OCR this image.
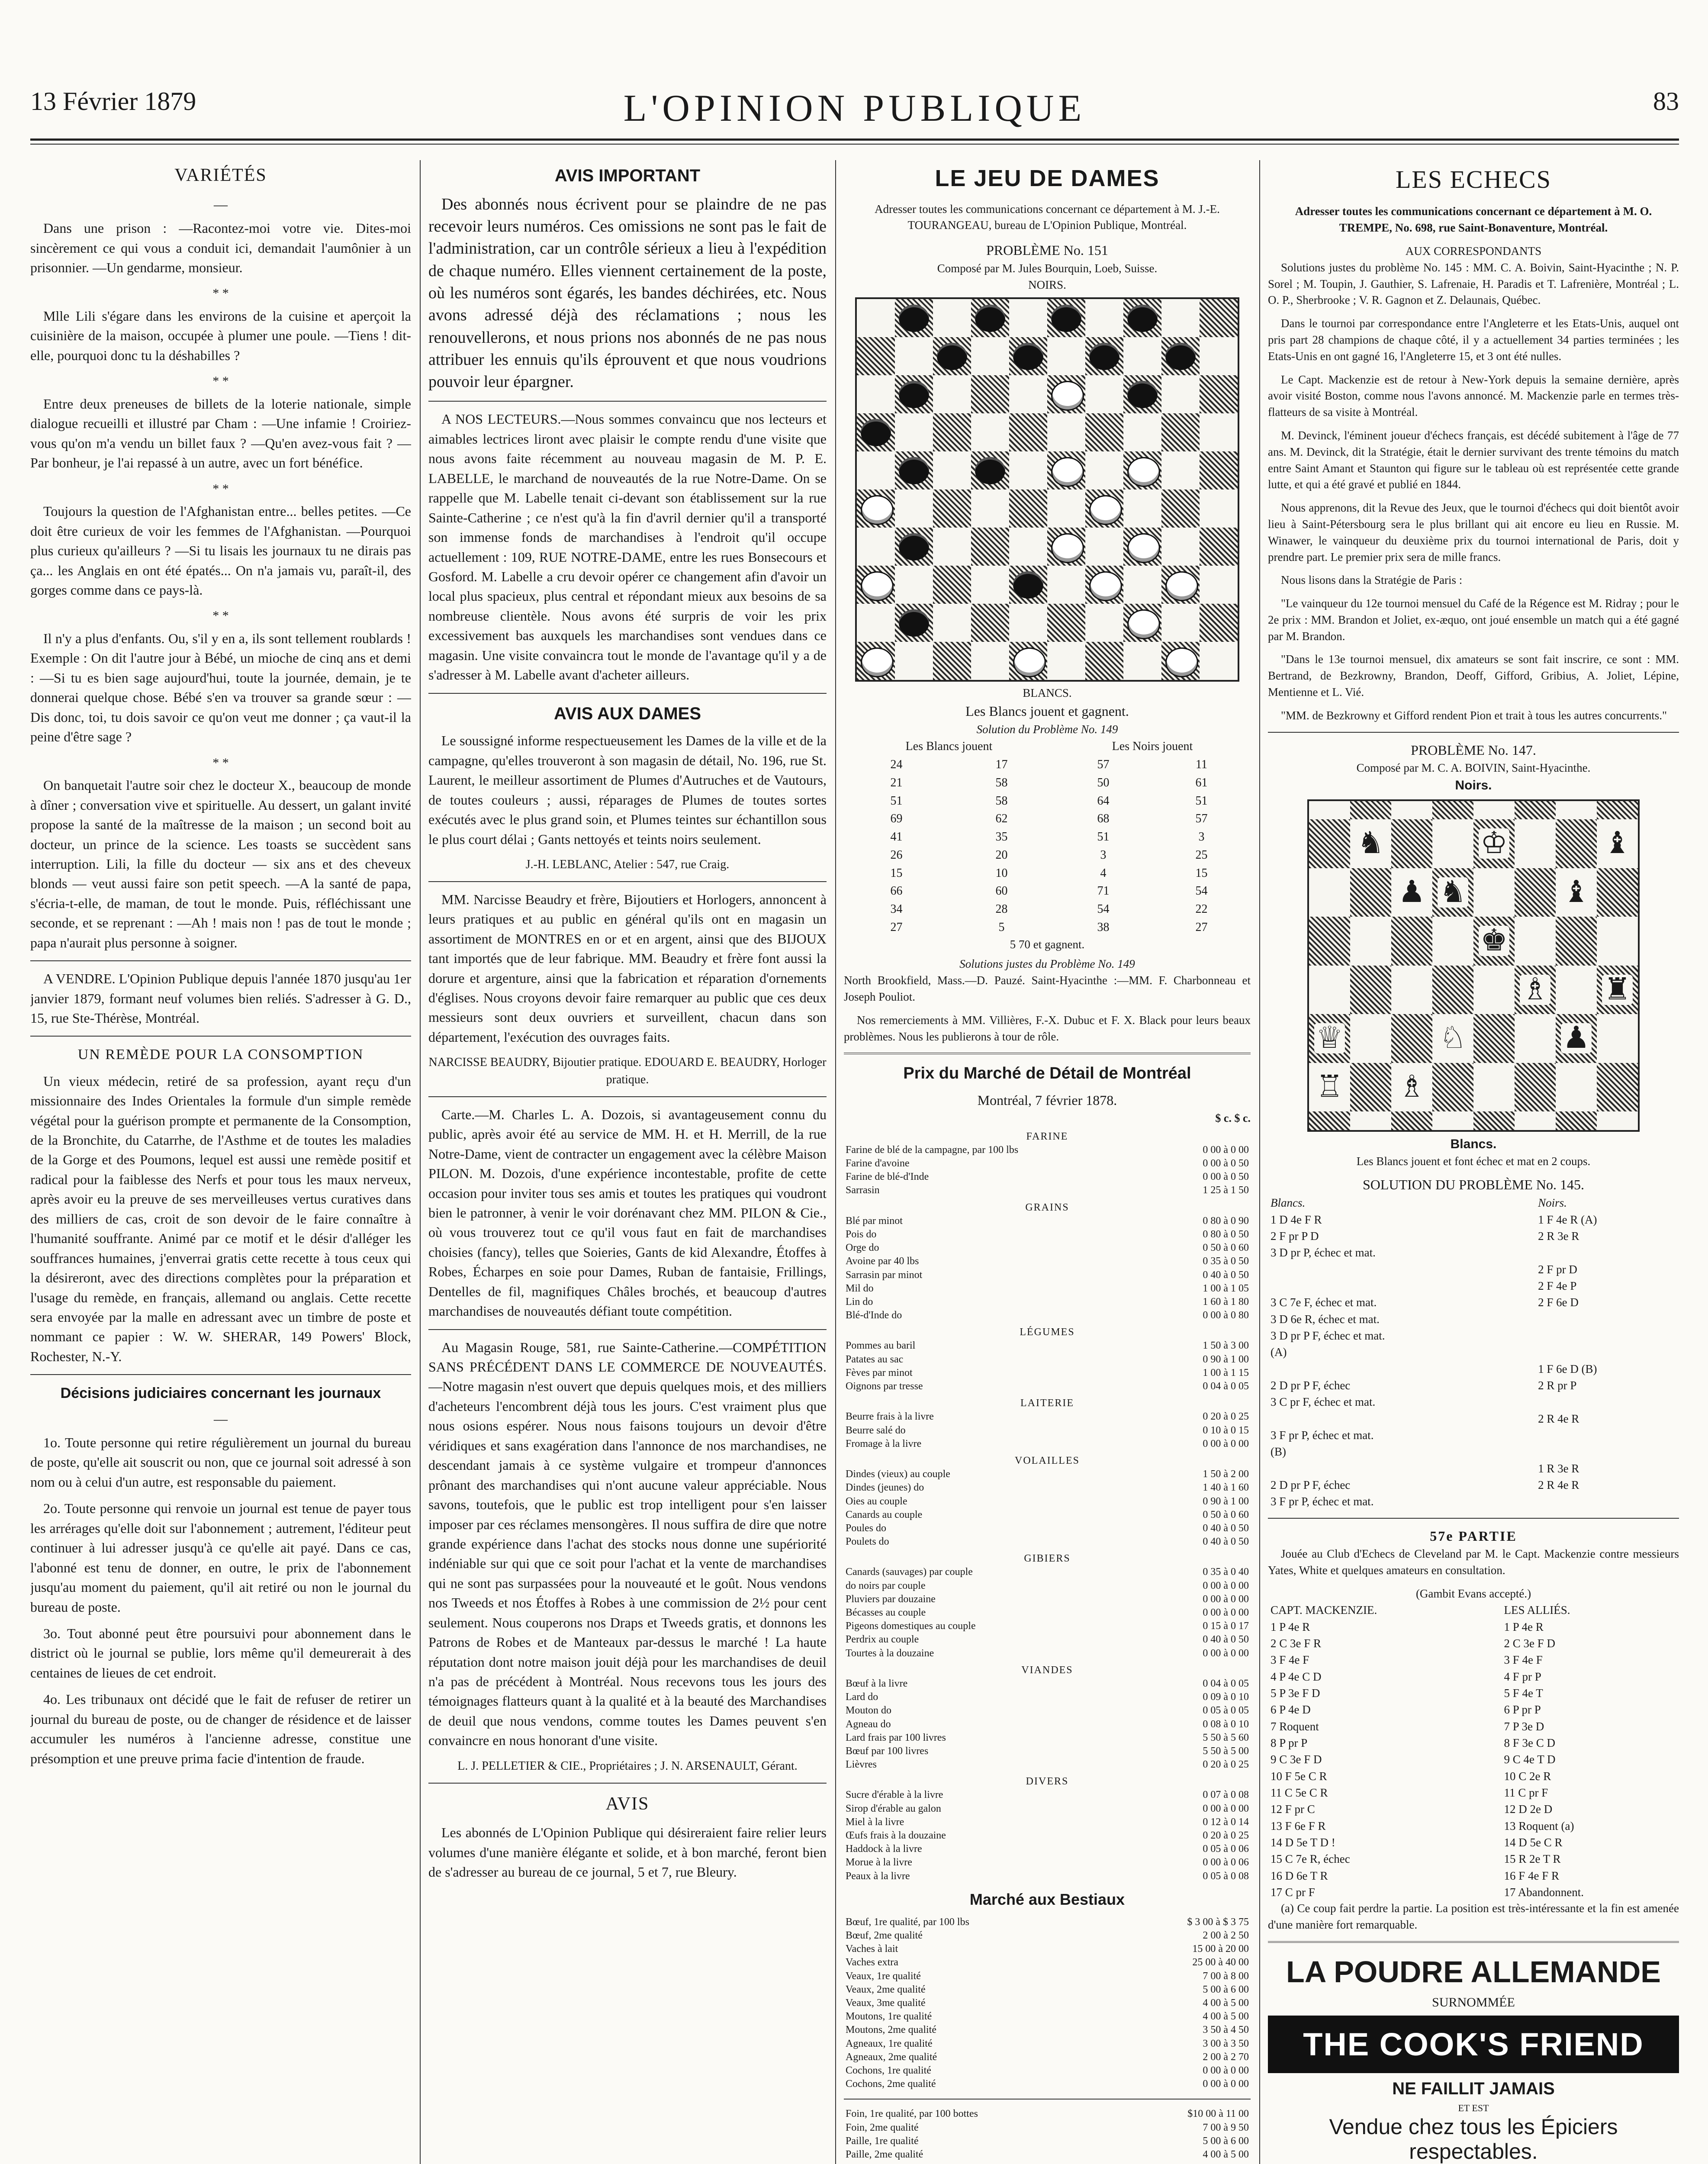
13 Février 1879	L'OPINION PUBLIQUE	83
VARIÉTÉS
—

Dans une prison : —Racontez-moi votre vie. Dites-moi sincèrement ce qui vous a conduit ici, demandait l'aumônier à un prisonnier. —Un gendarme, monsieur.

* *

Mlle Lili s'égare dans les environs de la cuisine et aperçoit la cuisinière de la maison, occupée à plumer une poule. —Tiens ! dit-elle, pourquoi donc tu la déshabilles ?

* *

Entre deux preneuses de billets de la loterie nationale, simple dialogue recueilli et illustré par Cham : —Une infamie ! Croiriez-vous qu'on m'a vendu un billet faux ? —Qu'en avez-vous fait ? —Par bonheur, je l'ai repassé à un autre, avec un fort bénéfice.

* *

Toujours la question de l'Afghanistan entre... belles petites. —Ce doit être curieux de voir les femmes de l'Afghanistan. —Pourquoi plus curieux qu'ailleurs ? —Si tu lisais les journaux tu ne dirais pas ça... les Anglais en ont été épatés... On n'a jamais vu, paraît-il, des gorges comme dans ce pays-là.

* *

Il n'y a plus d'enfants. Ou, s'il y en a, ils sont tellement roublards ! Exemple : On dit l'autre jour à Bébé, un mioche de cinq ans et demi : —Si tu es bien sage aujourd'hui, toute la journée, demain, je te donnerai quelque chose. Bébé s'en va trouver sa grande sœur : —Dis donc, toi, tu dois savoir ce qu'on veut me donner ; ça vaut-il la peine d'être sage ?

* *

On banquetait l'autre soir chez le docteur X., beaucoup de monde à dîner ; conversation vive et spirituelle. Au dessert, un galant invité propose la santé de la maîtresse de la maison ; un second boit au docteur, un prince de la science. Les toasts se succèdent sans interruption. Lili, la fille du docteur — six ans et des cheveux blonds — veut aussi faire son petit speech. —A la santé de papa, s'écria-t-elle, de maman, de tout le monde. Puis, réfléchissant une seconde, et se reprenant : —Ah ! mais non ! pas de tout le monde ; papa n'aurait plus personne à soigner.

A VENDRE. L'Opinion Publique depuis l'année 1870 jusqu'au 1er janvier 1879, formant neuf volumes bien reliés. S'adresser à G. D., 15, rue Ste-Thérèse, Montréal.

UN REMÈDE POUR LA CONSOMPTION

Un vieux médecin, retiré de sa profession, ayant reçu d'un missionnaire des Indes Orientales la formule d'un simple remède végétal pour la guérison prompte et permanente de la Consomption, de la Bronchite, du Catarrhe, de l'Asthme et de toutes les maladies de la Gorge et des Poumons, lequel est aussi une remède positif et radical pour la faiblesse des Nerfs et pour tous les maux nerveux, après avoir eu la preuve de ses merveilleuses vertus curatives dans des milliers de cas, croit de son devoir de le faire connaître à l'humanité souffrante. Animé par ce motif et le désir d'alléger les souffrances humaines, j'enverrai gratis cette recette à tous ceux qui la désireront, avec des directions complètes pour la préparation et l'usage du remède, en français, allemand ou anglais. Cette recette sera envoyée par la malle en adressant avec un timbre de poste et nommant ce papier : W. W. SHERAR, 149 Powers' Block, Rochester, N.-Y.

Décisions judiciaires concernant les journaux
—

1o. Toute personne qui retire régulièrement un journal du bureau de poste, qu'elle ait souscrit ou non, que ce journal soit adressé à son nom ou à celui d'un autre, est responsable du paiement.

2o. Toute personne qui renvoie un journal est tenue de payer tous les arrérages qu'elle doit sur l'abonnement ; autrement, l'éditeur peut continuer à lui adresser jusqu'à ce qu'elle ait payé. Dans ce cas, l'abonné est tenu de donner, en outre, le prix de l'abonnement jusqu'au moment du paiement, qu'il ait retiré ou non le journal du bureau de poste.

3o. Tout abonné peut être poursuivi pour abonnement dans le district où le journal se publie, lors même qu'il demeurerait à des centaines de lieues de cet endroit.

4o. Les tribunaux ont décidé que le fait de refuser de retirer un journal du bureau de poste, ou de changer de résidence et de laisser accumuler les numéros à l'ancienne adresse, constitue une présomption et une preuve prima facie d'intention de fraude.

AVIS IMPORTANT

Des abonnés nous écrivent pour se plaindre de ne pas recevoir leurs numéros. Ces omissions ne sont pas le fait de l'administration, car un contrôle sérieux a lieu à l'expédition de chaque numéro. Elles viennent certainement de la poste, où les numéros sont égarés, les bandes déchirées, etc. Nous avons adressé déjà des réclamations ; nous les renouvellerons, et nous prions nos abonnés de ne pas nous attribuer les ennuis qu'ils éprouvent et que nous voudrions pouvoir leur épargner.

A NOS LECTEURS.—Nous sommes convaincu que nos lecteurs et aimables lectrices liront avec plaisir le compte rendu d'une visite que nous avons faite récemment au nouveau magasin de M. P. E. LABELLE, le marchand de nouveautés de la rue Notre-Dame. On se rappelle que M. Labelle tenait ci-devant son établissement sur la rue Sainte-Catherine ; ce n'est qu'à la fin d'avril dernier qu'il a transporté son immense fonds de marchandises à l'endroit qu'il occupe actuellement : 109, RUE NOTRE-DAME, entre les rues Bonsecours et Gosford. M. Labelle a cru devoir opérer ce changement afin d'avoir un local plus spacieux, plus central et répondant mieux aux besoins de sa nombreuse clientèle. Nous avons été surpris de voir les prix excessivement bas auxquels les marchandises sont vendues dans ce magasin. Une visite convaincra tout le monde de l'avantage qu'il y a de s'adresser à M. Labelle avant d'acheter ailleurs.

AVIS AUX DAMES

Le soussigné informe respectueusement les Dames de la ville et de la campagne, qu'elles trouveront à son magasin de détail, No. 196, rue St. Laurent, le meilleur assortiment de Plumes d'Autruches et de Vautours, de toutes couleurs ; aussi, réparages de Plumes de toutes sortes exécutés avec le plus grand soin, et Plumes teintes sur échantillon sous le plus court délai ; Gants nettoyés et teints noirs seulement.

J.-H. LEBLANC, Atelier : 547, rue Craig.

MM. Narcisse Beaudry et frère, Bijoutiers et Horlogers, annoncent à leurs pratiques et au public en général qu'ils ont en magasin un assortiment de MONTRES en or et en argent, ainsi que des BIJOUX tant importés que de leur fabrique. MM. Beaudry et frère font aussi la dorure et argenture, ainsi que la fabrication et réparation d'ornements d'églises. Nous croyons devoir faire remarquer au public que ces deux messieurs sont deux ouvriers et surveillent, chacun dans son département, l'exécution des ouvrages faits.

NARCISSE BEAUDRY, Bijoutier pratique. EDOUARD E. BEAUDRY, Horloger pratique.

Carte.—M. Charles L. A. Dozois, si avantageusement connu du public, après avoir été au service de MM. H. et H. Merrill, de la rue Notre-Dame, vient de contracter un engagement avec la célèbre Maison PILON. M. Dozois, d'une expérience incontestable, profite de cette occasion pour inviter tous ses amis et toutes les pratiques qui voudront bien le patronner, à venir le voir dorénavant chez MM. PILON & Cie., où vous trouverez tout ce qu'il vous faut en fait de marchandises choisies (fancy), telles que Soieries, Gants de kid Alexandre, Étoffes à Robes, Écharpes en soie pour Dames, Ruban de fantaisie, Frillings, Dentelles de fil, magnifiques Châles brochés, et beaucoup d'autres marchandises de nouveautés défiant toute compétition.

Au Magasin Rouge, 581, rue Sainte-Catherine.—COMPÉTITION SANS PRÉCÉDENT DANS LE COMMERCE DE NOUVEAUTÉS.—Notre magasin n'est ouvert que depuis quelques mois, et des milliers d'acheteurs l'encombrent déjà tous les jours. C'est vraiment plus que nous osions espérer. Nous nous faisons toujours un devoir d'être véridiques et sans exagération dans l'annonce de nos marchandises, ne descendant jamais à ce système vulgaire et trompeur d'annonces prônant des marchandises qui n'ont aucune valeur appréciable. Nous savons, toutefois, que le public est trop intelligent pour s'en laisser imposer par ces réclames mensongères. Il nous suffira de dire que notre grande expérience dans l'achat des stocks nous donne une supériorité indéniable sur qui que ce soit pour l'achat et la vente de marchandises qui ne sont pas surpassées pour la nouveauté et le goût. Nous vendons nos Tweeds et nos Étoffes à Robes à une commission de 2½ pour cent seulement. Nous couperons nos Draps et Tweeds gratis, et donnons les Patrons de Robes et de Manteaux par-dessus le marché ! La haute réputation dont notre maison jouit déjà pour les marchandises de deuil n'a pas de précédent à Montréal. Nous recevons tous les jours des témoignages flatteurs quant à la qualité et à la beauté des Marchandises de deuil que nous vendons, comme toutes les Dames peuvent s'en convaincre en nous honorant d'une visite.

L. J. PELLETIER & CIE., Propriétaires ; J. N. ARSENAULT, Gérant.
AVIS

Les abonnés de L'Opinion Publique qui désireraient faire relier leurs volumes d'une manière élégante et solide, et à bon marché, feront bien de s'adresser au bureau de ce journal, 5 et 7, rue Bleury.

LE JEU DE DAMES

Adresser toutes les communications concernant ce département à M. J.-E. TOURANGEAU, bureau de L'Opinion Publique, Montréal.

PROBLÈME No. 151
Composé par M. Jules Bourquin, Loeb, Suisse.
NOIRS.
BLANCS.
Les Blancs jouent et gagnent.
Solution du Problème No. 149
Les Blancs jouent		Les Noirs jouent	
24	17	57	11
21	58	50	61
51	58	64	51
69	62	68	57
41	35	51	3
26	20	3	25
15	10	4	15
66	60	71	54
34	28	54	22
27	5	38	27
5 70 et gagnent.
Solutions justes du Problème No. 149

North Brookfield, Mass.—D. Pauzé. Saint-Hyacinthe :—MM. F. Charbonneau et Joseph Pouliot.

Nos remerciements à MM. Villières, F.-X. Dubuc et F. X. Black pour leurs beaux problèmes. Nous les publierons à tour de rôle.

Prix du Marché de Détail de Montréal
Montréal, 7 février 1878.
$ c. $ c.
FARINE	
Farine de blé de la campagne, par 100 lbs	0 00 à 0 00
Farine d'avoine	0 00 à 0 50
Farine de blé-d'Inde	0 00 à 0 50
Sarrasin	1 25 à 1 50
GRAINS	
Blé par minot	0 80 à 0 90
Pois do	0 80 à 0 50
Orge do	0 50 à 0 60
Avoine par 40 lbs	0 35 à 0 50
Sarrasin par minot	0 40 à 0 50
Mil do	1 00 à 1 05
Lin do	1 60 à 1 80
Blé-d'Inde do	0 00 à 0 80
LÉGUMES	
Pommes au baril	1 50 à 3 00
Patates au sac	0 90 à 1 00
Fèves par minot	1 00 à 1 15
Oignons par tresse	0 04 à 0 05
LAITERIE	
Beurre frais à la livre	0 20 à 0 25
Beurre salé do	0 10 à 0 15
Fromage à la livre	0 00 à 0 00
VOLAILLES	
Dindes (vieux) au couple	1 50 à 2 00
Dindes (jeunes) do	1 40 à 1 60
Oies au couple	0 90 à 1 00
Canards au couple	0 50 à 0 60
Poules do	0 40 à 0 50
Poulets do	0 40 à 0 50
GIBIERS	
Canards (sauvages) par couple	0 35 à 0 40
do noirs par couple	0 00 à 0 00
Pluviers par douzaine	0 00 à 0 00
Bécasses au couple	0 00 à 0 00
Pigeons domestiques au couple	0 15 à 0 17
Perdrix au couple	0 40 à 0 50
Tourtes à la douzaine	0 00 à 0 00
VIANDES	
Bœuf à la livre	0 04 à 0 05
Lard do	0 09 à 0 10
Mouton do	0 05 à 0 05
Agneau do	0 08 à 0 10
Lard frais par 100 livres	5 50 à 5 60
Bœuf par 100 livres	5 50 à 5 00
Lièvres	0 20 à 0 25
DIVERS	
Sucre d'érable à la livre	0 07 à 0 08
Sirop d'érable au galon	0 00 à 0 00
Miel à la livre	0 12 à 0 14
Œufs frais à la douzaine	0 20 à 0 25
Haddock à la livre	0 05 à 0 06
Morue à la livre	0 00 à 0 06
Peaux à la livre	0 05 à 0 08
Marché aux Bestiaux
Bœuf, 1re qualité, par 100 lbs	$ 3 00 à $ 3 75
Bœuf, 2me qualité	2 00 à 2 50
Vaches à lait	15 00 à 20 00
Vaches extra	25 00 à 40 00
Veaux, 1re qualité	7 00 à 8 00
Veaux, 2me qualité	5 00 à 6 00
Veaux, 3me qualité	4 00 à 5 00
Moutons, 1re qualité	4 00 à 5 00
Moutons, 2me qualité	3 50 à 4 50
Agneaux, 1re qualité	3 00 à 3 50
Agneaux, 2me qualité	2 00 à 2 70
Cochons, 1re qualité	0 00 à 0 00
Cochons, 2me qualité	0 00 à 0 00
Foin, 1re qualité, par 100 bottes	$10 00 à 11 00
Foin, 2me qualité	7 00 à 9 50
Paille, 1re qualité	5 00 à 6 00
Paille, 2me qualité	4 00 à 5 00
LES ECHECS

Adresser toutes les communications concernant ce département à M. O. TREMPE, No. 698, rue Saint-Bonaventure, Montréal.

AUX CORRESPONDANTS

Solutions justes du problème No. 145 : MM. C. A. Boivin, Saint-Hyacinthe ; N. P. Sorel ; M. Toupin, J. Gauthier, S. Lafrenaie, H. Paradis et T. Lafrenière, Montréal ; L. O. P., Sherbrooke ; V. R. Gagnon et Z. Delaunais, Québec.

Dans le tournoi par correspondance entre l'Angleterre et les Etats-Unis, auquel ont pris part 28 champions de chaque côté, il y a actuellement 34 parties terminées ; les Etats-Unis en ont gagné 16, l'Angleterre 15, et 3 ont été nulles.

Le Capt. Mackenzie est de retour à New-York depuis la semaine dernière, après avoir visité Boston, comme nous l'avons annoncé. M. Mackenzie parle en termes très-flatteurs de sa visite à Montréal.

M. Devinck, l'éminent joueur d'échecs français, est décédé subitement à l'âge de 77 ans. M. Devinck, dit la Stratégie, était le dernier survivant des trente témoins du match entre Saint Amant et Staunton qui figure sur le tableau où est représentée cette grande lutte, et qui a été gravé et publié en 1844.

Nous apprenons, dit la Revue des Jeux, que le tournoi d'échecs qui doit bientôt avoir lieu à Saint-Pétersbourg sera le plus brillant qui ait encore eu lieu en Russie. M. Winawer, le vainqueur du deuxième prix du tournoi international de Paris, doit y prendre part. Le premier prix sera de mille francs.

Nous lisons dans la Stratégie de Paris :

"Le vainqueur du 12e tournoi mensuel du Café de la Régence est M. Ridray ; pour le 2e prix : MM. Brandon et Joliet, ex-æquo, ont joué ensemble un match qui a été gagné par M. Brandon.

"Dans le 13e tournoi mensuel, dix amateurs se sont fait inscrire, ce sont : MM. Bertrand, de Bezkrowny, Brandon, Deoff, Gifford, Gribius, A. Joliet, Lépine, Mentienne et L. Vié.

"MM. de Bezkrowny et Gifford rendent Pion et trait à tous les autres concurrents."

PROBLÈME No. 147.
Composé par M. C. A. BOIVIN, Saint-Hyacinthe.
Noirs.
♞	♔	♝
♟ ♞	♝
♚
♗ ♜
♕	♘	♟
♖ ♗
Blancs.
Les Blancs jouent et font échec et mat en 2 coups.
SOLUTION DU PROBLÈME No. 145.
Blancs.	Noirs.
1 D 4e F R	1 F 4e R (A)
2 F pr P D	2 R 3e R
3 D pr P, échec et mat.	
	2 F pr D
	2 F 4e P
3 C 7e F, échec et mat.	2 F 6e D
3 D 6e R, échec et mat.	
3 D pr P F, échec et mat.	
(A)	
	1 F 6e D (B)
2 D pr P F, échec	2 R pr P
3 C pr F, échec et mat.	
	2 R 4e R
3 F pr P, échec et mat.	
(B)	
	1 R 3e R
2 D pr P F, échec	2 R 4e R
3 F pr P, échec et mat.	
57e PARTIE

Jouée au Club d'Echecs de Cleveland par M. le Capt. Mackenzie contre messieurs Yates, White et quelques amateurs en consultation.

(Gambit Evans accepté.)
CAPT. MACKENZIE.	LES ALLIÉS.
1 P 4e R	1 P 4e R
2 C 3e F R	2 C 3e F D
3 F 4e F	3 F 4e F
4 P 4e C D	4 F pr P
5 P 3e F D	5 F 4e T
6 P 4e D	6 P pr P
7 Roquent	7 P 3e D
8 P pr P	8 F 3e C D
9 C 3e F D	9 C 4e T D
10 F 5e C R	10 C 2e R
11 C 5e C R	11 C pr F
12 F pr C	12 D 2e D
13 F 6e F R	13 Roquent (a)
14 D 5e T D !	14 D 5e C R
15 C 7e R, échec	15 R 2e T R
16 D 6e T R	16 F 4e F R
17 C pr F	17 Abandonnent.

(a) Ce coup fait perdre la partie. La position est très-intéressante et la fin est amenée d'une manière fort remarquable.

LA POUDRE ALLEMANDE
SURNOMMÉE
THE COOK'S FRIEND
NE FAILLIT JAMAIS
ET EST
Vendue chez tous les Épiciers respectables.
